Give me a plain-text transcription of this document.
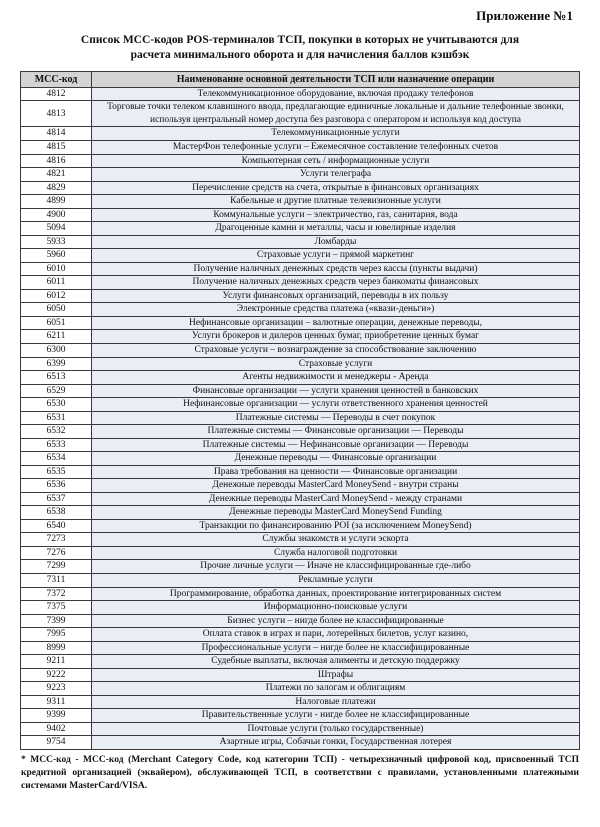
Приложение №1
Список МСС-кодов POS-терминалов ТСП, покупки в которых не учитываются для расчета минимального оборота и для начисления баллов кэшбэк
МСС-код	Наименование основной деятельности ТСП или назначение операции
4812	Телекоммуникационное оборудование, включая продажу телефонов
4813	Торговые точки телеком клавишного ввода, предлагающие единичные локальные и дальние телефонные звонки, используя центральный номер доступа без разговора с оператором и используя код доступа
4814	Телекоммуникационные услуги
4815	МастерФон телефонные услуги – Ежемесячное составление телефонных счетов
4816	Компьютерная сеть / информационные услуги
4821	Услуги телеграфа
4829	Перечисление средств на счета, открытые в финансовых организациях
4899	Кабельные и другие платные телевизионные услуги
4900	Коммунальные услуги – электричество, газ, санитария, вода
5094	Драгоценные камни и металлы, часы и ювелирные изделия
5933	Ломбарды
5960	Страховые услуги – прямой маркетинг
6010	Получение наличных денежных средств через кассы (пункты выдачи)
6011	Получение наличных денежных средств через банкоматы финансовых
6012	Услуги финансовых организаций, переводы в их пользу
6050	Электронные средства платежа («квази-деньги»)
6051	Нефинансовые организации – валютные операции, денежные переводы,
6211	Услуги брокеров и дилеров ценных бумаг, приобретение ценных бумаг
6300	Страховые услуги – вознаграждение за способствование заключению
6399	Страховые услуги
6513	Агенты недвижимости и менеджеры - Аренда
6529	Финансовые организации — услуги хранения ценностей в банковских
6530	Нефинансовые организации — услуги ответственного хранения ценностей
6531	Платежные системы — Переводы в счет покупок
6532	Платежные системы — Финансовые организации — Переводы
6533	Платежные системы — Нефинансовые организации — Переводы
6534	Денежные переводы — Финансовые организации
6535	Права требования на ценности — Финансовые организации
6536	Денежные переводы MasterCard MoneySend - внутри страны
6537	Денежные переводы MasterCard MoneySend - между странами
6538	Денежные переводы MasterCard MoneySend Funding
6540	Транзакции по финансированию POI (за исключением MoneySend)
7273	Службы знакомств и услуги эскорта
7276	Служба налоговой подготовки
7299	Прочие личные услуги — Иначе не классифицированные где-либо
7311	Рекламные услуги
7372	Программирование, обработка данных, проектирование интегрированных систем
7375	Информационно-поисковые услуги
7399	Бизнес услуги – нигде более не классифицированные
7995	Оплата ставок в играх и пари, лотерейных билетов, услуг казино,
8999	Профессиональные услуги – нигде более не классифицированные
9211	Судебные выплаты, включая алименты и детскую поддержку
9222	Штрафы
9223	Платежи по залогам и облигациям
9311	Налоговые платежи
9399	Правительственные услуги - нигде более не классифицированные
9402	Почтовые услуги (только государственные)
9754	Азартные игры, Собачьи гонки, Государственная лотерея
* МСС-код - МСС-код (Merchant Category Code, код категории ТСП) - четырехзначный цифровой код, присвоенный ТСП кредитной организацией (эквайером), обслуживающей ТСП, в соответствии с правилами, установленными платежными системами MasterCard/VISA.
